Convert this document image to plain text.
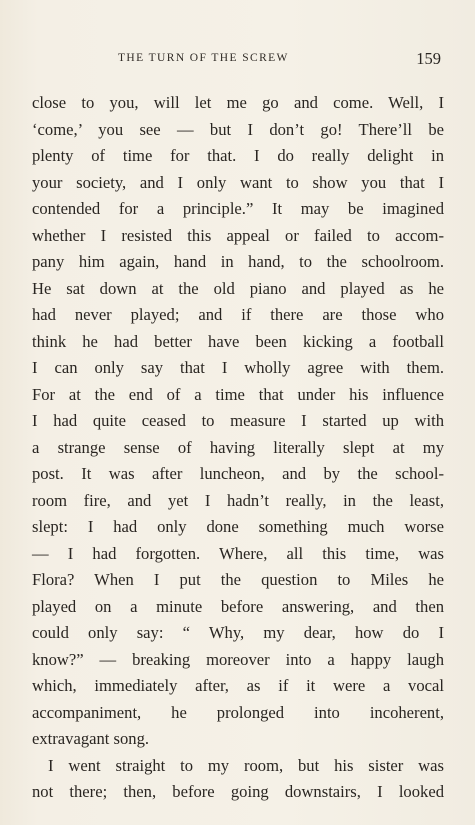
THE TURN OF THE SCREW	159
close to you, will let me go and come. Well, I
‘come,’ you see — but I don’t go! There’ll be
plenty of time for that. I do really delight in
your society, and I only want to show you that I
contended for a principle.” It may be imagined
whether I resisted this appeal or failed to accom-
pany him again, hand in hand, to the schoolroom.
He sat down at the old piano and played as he
had never played; and if there are those who
think he had better have been kicking a football
I can only say that I wholly agree with them.
For at the end of a time that under his influence
I had quite ceased to measure I started up with
a strange sense of having literally slept at my
post. It was after luncheon, and by the school-
room fire, and yet I hadn’t really, in the least,
slept: I had only done something much worse
— I had forgotten. Where, all this time, was
Flora? When I put the question to Miles he
played on a minute before answering, and then
could only say: “ Why, my dear, how do I
know?” — breaking moreover into a happy laugh
which, immediately after, as if it were a vocal
accompaniment, he prolonged into incoherent,
extravagant song.
I went straight to my room, but his sister was
not there; then, before going downstairs, I looked
